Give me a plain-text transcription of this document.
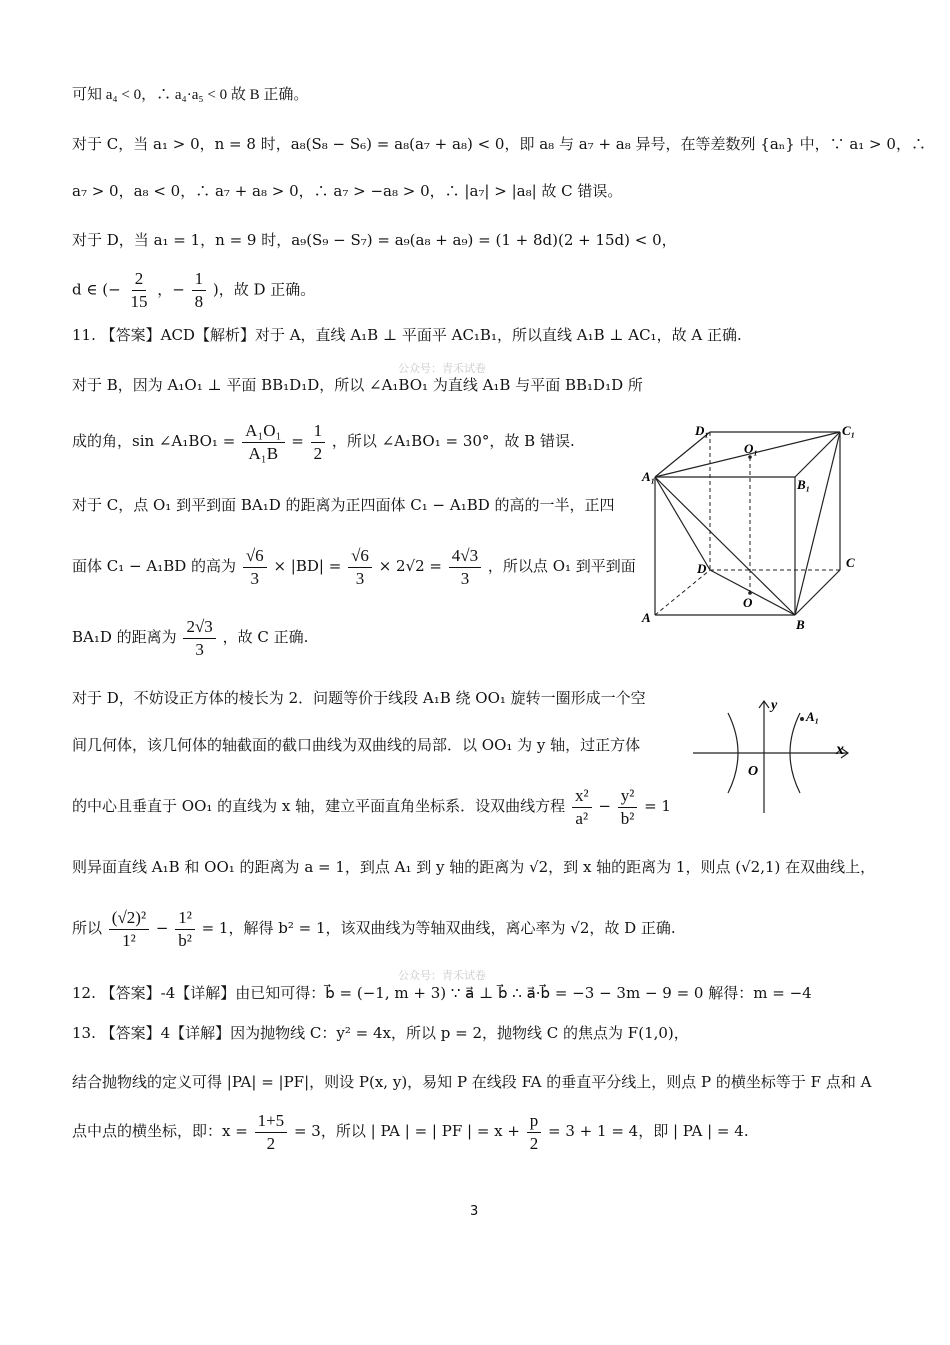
可知 a₄ < 0，∴ a₄·a₅ < 0 故 B 正确。
对于 C，当 a₁ > 0，n = 8 时，a₈(S₈ − S₆) = a₈(a₇ + a₈) < 0，即 a₈ 与 a₇ + a₈ 异号，在等差数列 {aₙ} 中，∵ a₁ > 0，∴
a₇ > 0，a₈ < 0，∴ a₇ + a₈ > 0，∴ a₇ > −a₈ > 0，∴ |a₇| > |a₈| 故 C 错误。
对于 D，当 a₁ = 1，n = 9 时，a₉(S₉ − S₇) = a₉(a₈ + a₉) = (1 + 8d)(2 + 15d) < 0，
d ∈ (− $\frac{2}{15}$ ，− $\frac{1}{8}$ )，故 D 正确。
11. 【答案】ACD【解析】对于 A，直线 A₁B ⊥ 平面平 AC₁B₁，所以直线 A₁B ⊥ AC₁，故 A 正确.
公众号：青禾试卷
对于 B，因为 A₁O₁ ⊥ 平面 BB₁D₁D，所以 ∠A₁BO₁ 为直线 A₁B 与平面 BB₁D₁D 所
成的角，sin ∠A₁BO₁ = $\frac{\text{A₁O₁}}{\text{A₁B}} = \frac{1}{2}$ ，所以 ∠A₁BO₁ = 30°，故 B 错误.
对于 C，点 O₁ 到平到面 BA₁D 的距离为正四面体 C₁ − A₁BD 的高的一半，正四
面体 C₁ − A₁BD 的高为 $\frac{√6}{3} \times |BD| = \frac{√6}{3} \times 2√2 = \frac{4√3}{3}$ ，所以点 O₁ 到平到面
BA₁D 的距离为 $\frac{2√3}{3}$ ，故 C 正确.
对于 D，不妨设正方体的棱长为 2．问题等价于线段 A₁B 绕 OO₁ 旋转一圈形成一个空
间几何体，该几何体的轴截面的截口曲线为双曲线的局部．以 OO₁ 为 y 轴，过正方体
的中心且垂直于 OO₁ 的直线为 x 轴，建立平面直角坐标系．设双曲线方程 $\frac{\text{x²}}{\text{a²}} - \frac{\text{y²}}{\text{b²}} = 1$
则异面直线 A₁B 和 OO₁ 的距离为 a = 1，到点 A₁ 到 y 轴的距离为 √2，到 x 轴的距离为 1，则点 (√2,1) 在双曲线上，
所以 $\frac{\text{(√2)²}}{\text{1²}} - \frac{\text{1²}}{\text{b²}} = 1$，解得 b² = 1，该双曲线为等轴双曲线，离心率为 √2，故 D 正确.
公众号：青禾试卷
12. 【答案】-4【详解】由已知可得：b⃗ = (−1, m + 3) ∵ a⃗ ⊥ b⃗ ∴ a⃗·b⃗ = −3 − 3m − 9 = 0 解得：m = −4
13. 【答案】4【详解】因为抛物线 C：y² = 4x，所以 p = 2，抛物线 C 的焦点为 F(1,0)，
结合抛物线的定义可得 |PA| = |PF|，则设 P(x, y)，易知 P 在线段 FA 的垂直平分线上，则点 P 的横坐标等于 F 点和 A
点中点的横坐标，即：$x = \frac{1+5}{2} = 3$，所以 | PA | = | PF | = $x + \frac{p}{2} = 3 + 1 = 4$，即 | PA | = 4.
D₁
O₁
C₁
A₁
B₁
D	C
O
A	B
y
x
O
A₁
3
